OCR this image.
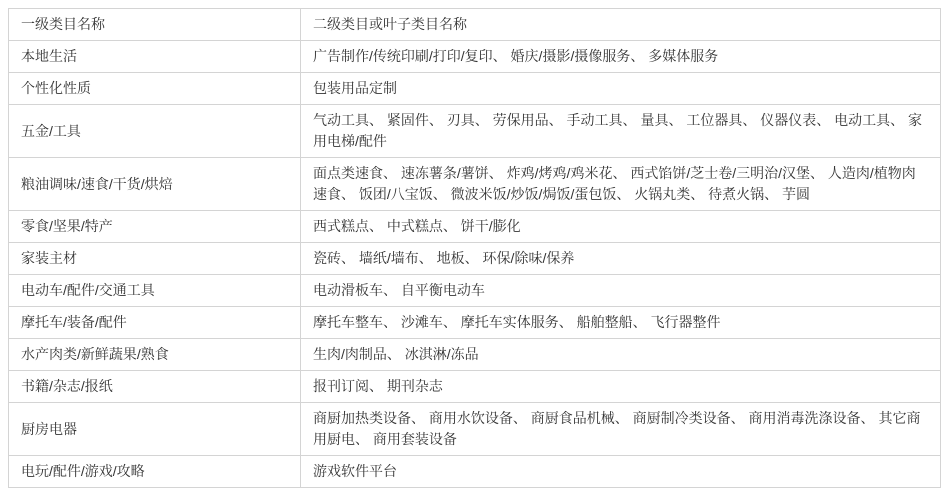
一级类目名称	二级类目或叶子类目名称
本地生活	广告制作/传统印刷/打印/复印、 婚庆/摄影/摄像服务、 多媒体服务
个性化性质	包装用品定制
五金/工具	气动工具、 紧固件、 刃具、 劳保用品、 手动工具、 量具、 工位器具、 仪器仪表、 电动工具、 家用电梯/配件
粮油调味/速食/干货/烘焙	面点类速食、 速冻薯条/薯饼、 炸鸡/烤鸡/鸡米花、 西式馅饼/芝士卷/三明治/汉堡、 人造肉/植物肉速食、 饭团/八宝饭、 微波米饭/炒饭/焗饭/蛋包饭、 火锅丸类、 待煮火锅、 芋圆
零食/坚果/特产	西式糕点、 中式糕点、 饼干/膨化
家装主材	瓷砖、 墙纸/墙布、 地板、 环保/除味/保养
电动车/配件/交通工具	电动滑板车、 自平衡电动车
摩托车/装备/配件	摩托车整车、 沙滩车、 摩托车实体服务、 船舶整船、 飞行器整件
水产肉类/新鲜蔬果/熟食	生肉/肉制品、 冰淇淋/冻品
书籍/杂志/报纸	报刊订阅、 期刊杂志
厨房电器	商厨加热类设备、 商用水饮设备、 商厨食品机械、 商厨制冷类设备、 商用消毒洗涤设备、 其它商用厨电、 商用套装设备
电玩/配件/游戏/攻略	游戏软件平台
